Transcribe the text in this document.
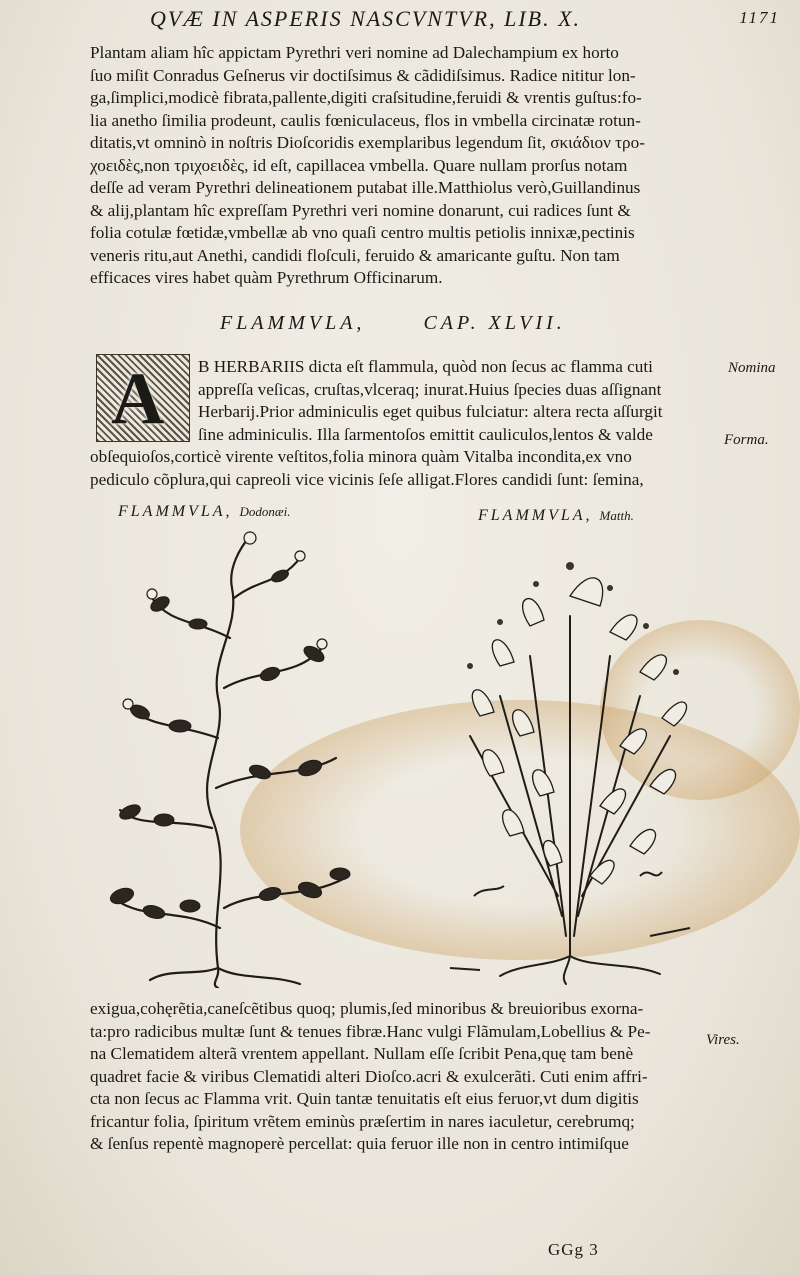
QVÆ IN ASPERIS NASCVNTVR, LIB. X.	1171
Plantam aliam hîc appictam Pyrethri veri nomine ad Dalechampium ex horto
ſuo miſit Conradus Geſnerus vir doctiſsimus & cãdidiſsimus. Radice nititur lon-
ga,ſimplici,modicè fibrata,pallente,digiti craſsitudine,feruidi & vrentis guſtus:fo-
lia anetho ſimilia prodeunt, caulis fœniculaceus, flos in vmbella circinatæ rotun-
ditatis,vt omninò in noſtris Dioſcoridis exemplaribus legendum ſit, σκιάδιον τρο-
χοειδὲς,non τριχοειδὲς, id eſt, capillacea vmbella. Quare nullam prorſus notam
deſſe ad veram Pyrethri delineationem putabat ille.Matthiolus verò,Guillandinus
& alij,plantam hîc expreſſam Pyrethri veri nomine donarunt, cui radices ſunt &
folia cotulæ fœtidæ,vmbellæ ab vno quaſi centro multis petiolis innixæ,pectinis
veneris ritu,aut Anethi, candidi floſculi, feruido & amaricante guſtu. Non tam
efficaces vires habet quàm Pyrethrum Officinarum.
FLAMMVLA,	CAP. XLVII.
A B HERBARIIS dicta eſt flammula, quòd non ſecus ac flamma cuti
appreſſa veſicas, cruſtas,vlceraq; inurat.Huius ſpecies duas aſſignant
Herbarij.Prior adminiculis eget quibus fulciatur: altera recta aſſurgit
ſine adminiculis. Illa ſarmentoſos emittit cauliculos,lentos & valde
obſequioſos,corticè virente veſtitos,folia minora quàm Vitalba incondita,ex vno
pediculo cõplura,qui capreoli vice vicinis ſeſe alligat.Flores candidi ſunt: ſemina,
Nomina
Forma.
Vires.
FLAMMVLA, Dodonæi.	FLAMMVLA, Matth.
exigua,cohęrẽtia,caneſcẽtibus quoq; plumis,ſed minoribus & breuioribus exorna-
ta:pro radicibus multæ ſunt & tenues fibræ.Hanc vulgi Flãmulam,Lobellius & Pe-
na Clematidem alterã vrentem appellant. Nullam eſſe ſcribit Pena,quę tam benè
quadret facie & viribus Clematidi alteri Dioſco.acri & exulcerãti. Cuti enim affri-
cta non ſecus ac Flamma vrit. Quin tantæ tenuitatis eſt eius feruor,vt dum digitis
fricantur folia, ſpiritum vrẽtem eminùs præſertim in nares iaculetur, cerebrumq;
& ſenſus repentè magnoperè percellat: quia feruor ille non in centro intimiſque
GGg 3
